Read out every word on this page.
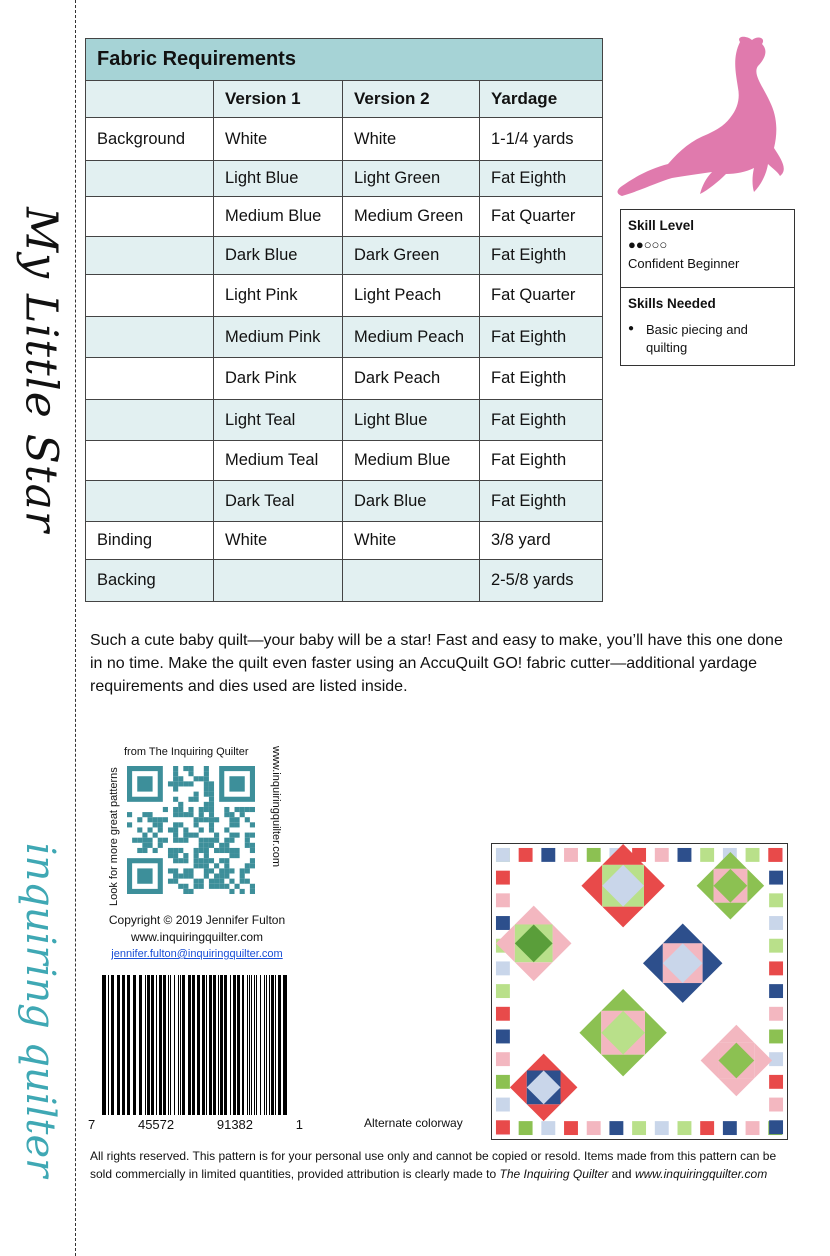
My Little Star
inquiring quilter
Fabric Requirements			
	Version 1	Version 2	Yardage
Background	White	White	1-1/4 yards
	Light Blue	Light Green	Fat Eighth
	Medium Blue	Medium Green	Fat Quarter
	Dark Blue	Dark Green	Fat Eighth
	Light Pink	Light Peach	Fat Quarter
	Medium Pink	Medium Peach	Fat Eighth
	Dark Pink	Dark Peach	Fat Eighth
	Light Teal	Light Blue	Fat Eighth
	Medium Teal	Medium Blue	Fat Eighth
	Dark Teal	Dark Blue	Fat Eighth
Binding	White	White	3/8 yard
Backing			2-5/8 yards
Skill Level
●●○○○
Confident Beginner
Skills Needed
● Basic piecing and quilting
Such a cute baby quilt—your baby will be a star! Fast and easy to make, you’ll have this one done in no time. Make the quilt even faster using an AccuQuilt GO! fabric cutter—additional yardage requirements and dies used are listed inside.
from The Inquiring Quilter
Look for more great patterns	www.inquiringquilter.com
Copyright © 2019 Jennifer Fulton
www.inquiringquilter.com
jennifer.fulton@inquiringquilter.com
7	45572	91382	1	Alternate colorway
All rights reserved. This pattern is for your personal use only and cannot be copied or resold. Items made from this pattern can be sold commercially in limited quantities, provided attribution is clearly made to The Inquiring Quilter and www.inquiringquilter.com
